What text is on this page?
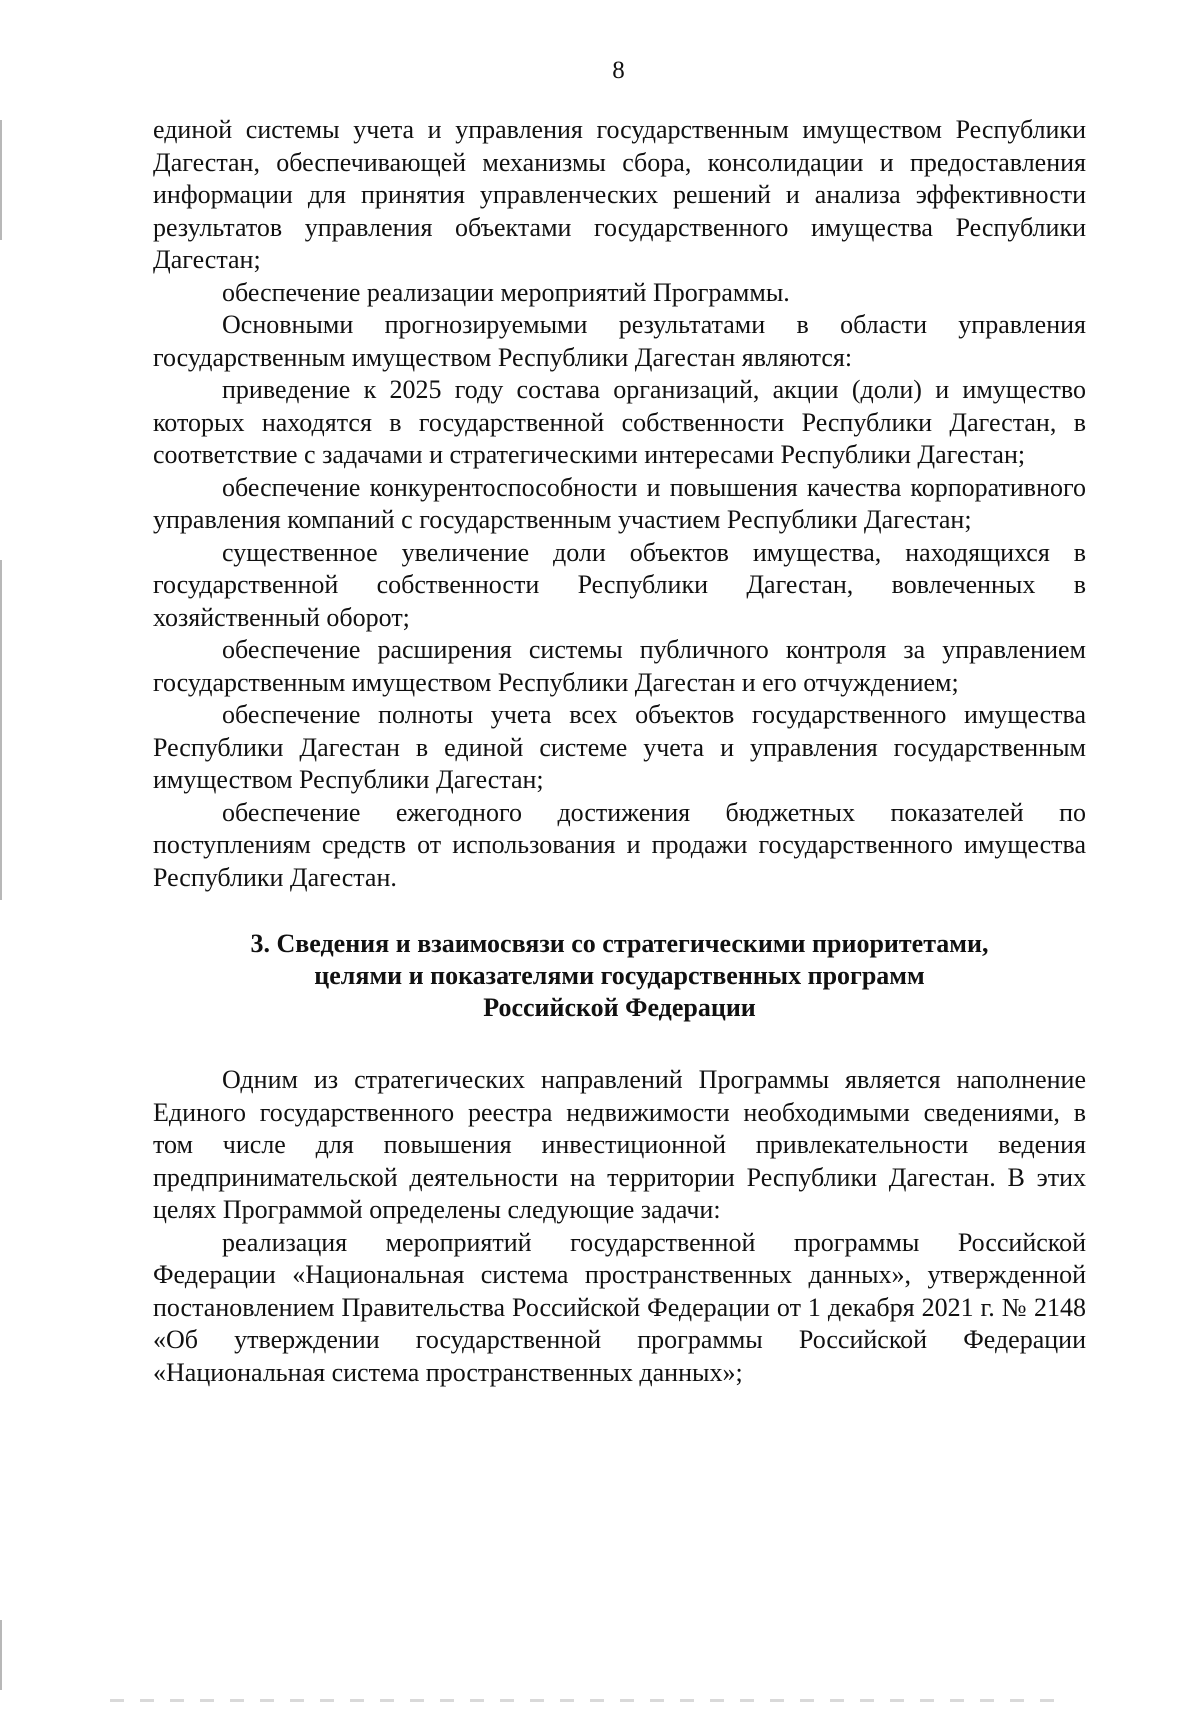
8

единой системы учета и управления государственным имуществом Республики Дагестан, обеспечивающей механизмы сбора, консолидации и предоставления информации для принятия управленческих решений и анализа эффективности результатов управления объектами государственного имущества Республики Дагестан;

обеспечение реализации мероприятий Программы.

Основными прогнозируемыми результатами в области управления государственным имуществом Республики Дагестан являются:

приведение к 2025 году состава организаций, акции (доли) и имущество которых находятся в государственной собственности Республики Дагестан, в соответствие с задачами и стратегическими интересами Республики Дагестан;

обеспечение конкурентоспособности и повышения качества корпоративного управления компаний с государственным участием Республики Дагестан;

существенное увеличение доли объектов имущества, находящихся в государственной собственности Республики Дагестан, вовлеченных в хозяйственный оборот;

обеспечение расширения системы публичного контроля за управлением государственным имуществом Республики Дагестан и его отчуждением;

обеспечение полноты учета всех объектов государственного имущества Республики Дагестан в единой системе учета и управления государственным имуществом Республики Дагестан;

обеспечение ежегодного достижения бюджетных показателей по поступлениям средств от использования и продажи государственного имущества Республики Дагестан.

3. Сведения и взаимосвязи со стратегическими приоритетами,

целями и показателями государственных программ

Российской Федерации

Одним из стратегических направлений Программы является наполнение Единого государственного реестра недвижимости необходимыми сведениями, в том числе для повышения инвестиционной привлекательности ведения предпринимательской деятельности на территории Республики Дагестан. В этих целях Программой определены следующие задачи:

реализация мероприятий государственной программы Российской Федерации «Национальная система пространственных данных», утвержденной постановлением Правительства Российской Федерации от 1 декабря 2021 г. № 2148 «Об утверждении государственной программы Российской Федерации «Национальная система пространственных данных»;
